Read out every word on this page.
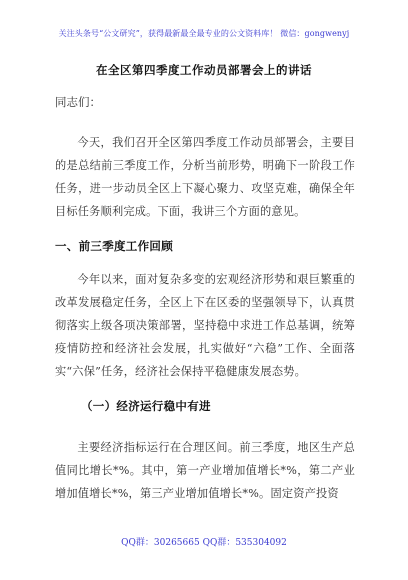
关注头条号“公文研究”，获得最新最全最专业的公文资料库！ 微信：gongwenyj
在全区第四季度工作动员部署会上的讲话
同志们：
今天，我们召开全区第四季度工作动员部署会，主要目的是总结前三季度工作，分析当前形势，明确下一阶段工作任务，进一步动员全区上下凝心聚力、攻坚克难，确保全年目标任务顺利完成。下面，我讲三个方面的意见。
一、前三季度工作回顾
今年以来，面对复杂多变的宏观经济形势和艰巨繁重的改革发展稳定任务，全区上下在区委的坚强领导下，认真贯彻落实上级各项决策部署，坚持稳中求进工作总基调，统筹疫情防控和经济社会发展，扎实做好“六稳”工作、全面落实“六保”任务，经济社会保持平稳健康发展态势。
（一）经济运行稳中有进
主要经济指标运行在合理区间。前三季度，地区生产总值同比增长*%。其中，第一产业增加值增长*%，第二产业增加值增长*%，第三产业增加值增长*%。固定资产投资
QQ群：30265665 QQ群：535304092
